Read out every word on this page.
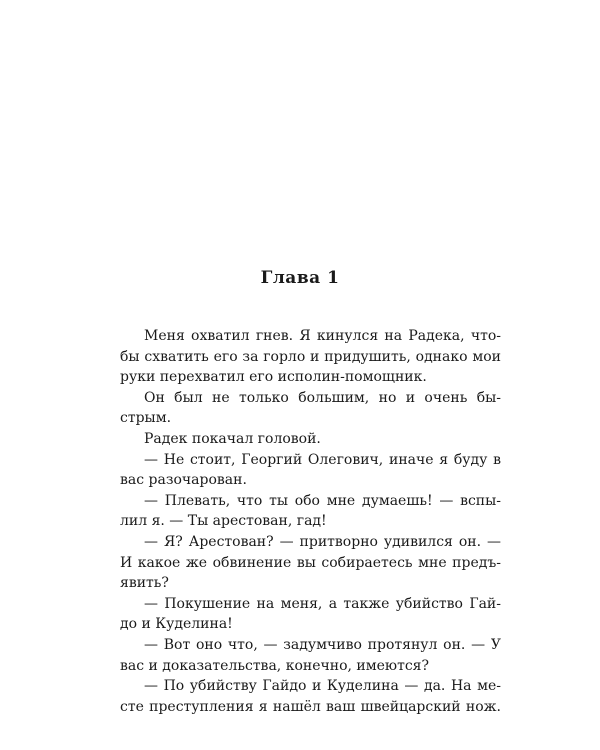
Глава 1
Меня охватил гнев. Я кинулся на Радека, что-
бы схватить его за горло и придушить, однако мои
руки перехватил его исполин-помощник.
Он был не только большим, но и очень бы-
стрым.
Радек покачал головой.
— Не стоит, Георгий Олегович, иначе я буду в
вас разочарован.
— Плевать, что ты обо мне думаешь! — вспы-
лил я. — Ты арестован, гад!
— Я? Арестован? — притворно удивился он. —
И какое же обвинение вы собираетесь мне предъ-
явить?
— Покушение на меня, а также убийство Гай-
до и Куделина!
— Вот оно что, — задумчиво протянул он. — У
вас и доказательства, конечно, имеются?
— По убийству Гайдо и Куделина — да. На ме-
сте преступления я нашёл ваш швейцарский нож.
